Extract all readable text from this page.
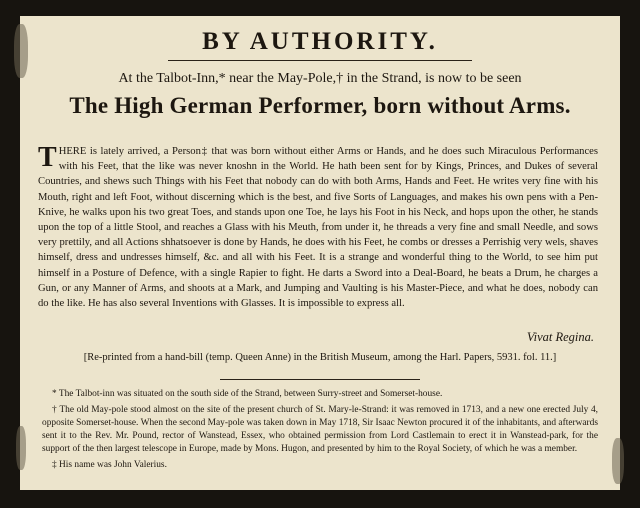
BY AUTHORITY.

At the Talbot-Inn,* near the May-Pole,† in the Strand, is now to be seen

The High German Performer, born without Arms.

THERE is lately arrived, a Person‡ that was born without either Arms or Hands, and he does such Miraculous Performances with his Feet, that the like was never knoshn in the World. He hath been sent for by Kings, Princes, and Dukes of several Countries, and shews such Things with his Feet that nobody can do with both Arms, Hands and Feet. He writes very fine with his Mouth, right and left Foot, without discerning which is the best, and five Sorts of Languages, and makes his own pens with a Pen-Knive, he walks upon his two great Toes, and stands upon one Toe, he lays his Foot in his Neck, and hops upon the other, he stands upon the top of a little Stool, and reaches a Glass with his Meuth, from under it, he threads a very fine and small Needle, and sows very prettily, and all Actions shhatsoever is done by Hands, he does with his Feet, he combs or dresses a Perrishig very wels, shaves himself, dress and undresses himself, &c. and all with his Feet. It is a strange and wonderful thing to the World, to see him put himself in a Posture of Defence, with a single Rapier to fight. He darts a Sword into a Deal-Board, he beats a Drum, he charges a Gun, or any Manner of Arms, and shoots at a Mark, and Jumping and Vaulting is his Master-Piece, and what he does, nobody can do the like. He has also several Inventions with Glasses. It is impossible to express all.

Vivat Regina.

[Re-printed from a hand-bill (temp. Queen Anne) in the British Museum, among the Harl. Papers, 5931. fol. 11.]

* The Talbot-inn was situated on the south side of the Strand, between Surry-street and Somerset-house.

† The old May-pole stood almost on the site of the present church of St. Mary-le-Strand: it was removed in 1713, and a new one erected July 4, opposite Somerset-house. When the second May-pole was taken down in May 1718, Sir Isaac Newton procured it of the inhabitants, and afterwards sent it to the Rev. Mr. Pound, rector of Wanstead, Essex, who obtained permission from Lord Castlemain to erect it in Wanstead-park, for the support of the then largest telescope in Europe, made by Mons. Hugon, and presented by him to the Royal Society, of which he was a member.

‡ His name was John Valerius.
